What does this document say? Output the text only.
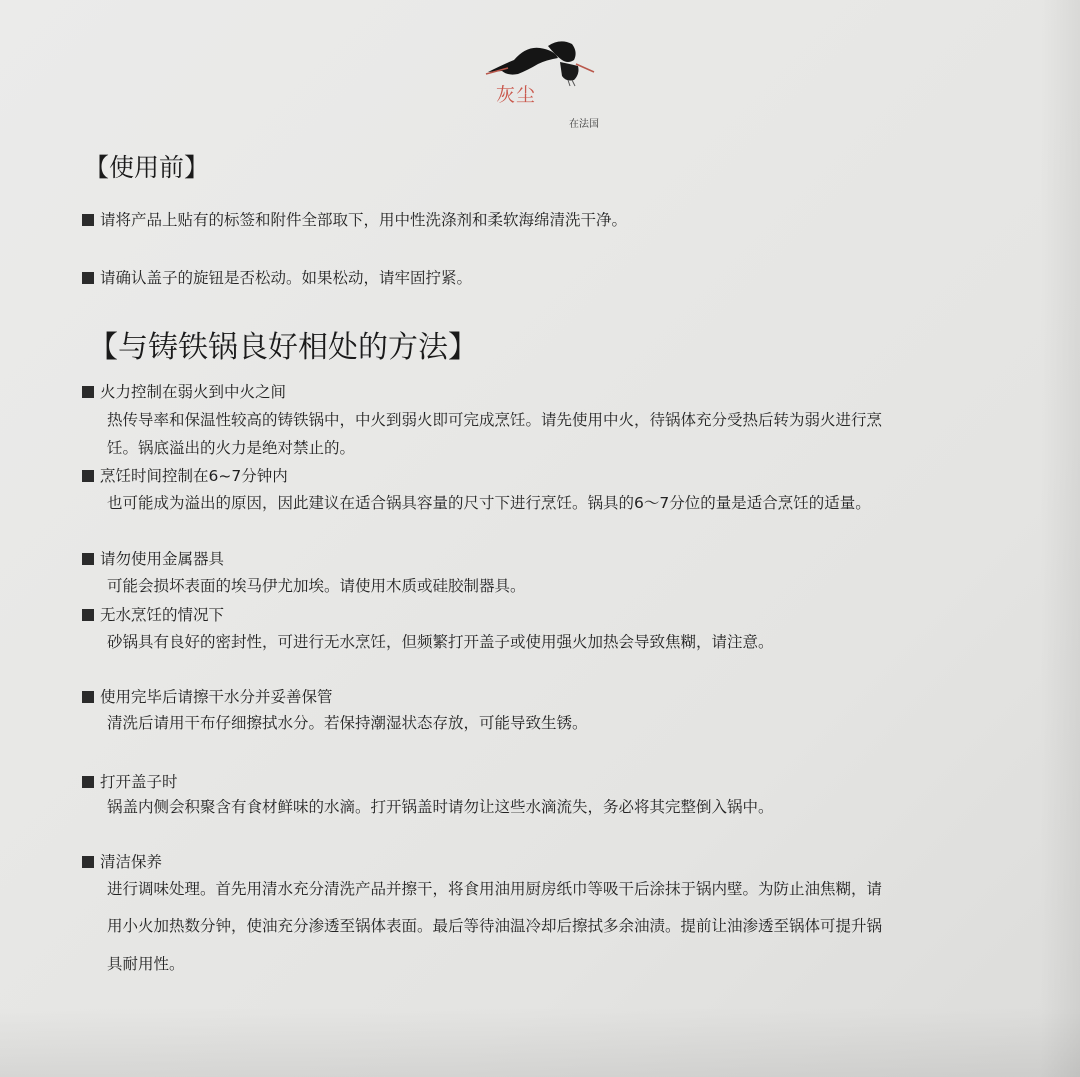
灰尘
在法国
【使用前】
请将产品上贴有的标签和附件全部取下，用中性洗涤剂和柔软海绵清洗干净。
请确认盖子的旋钮是否松动。如果松动，请牢固拧紧。
【与铸铁锅良好相处的方法】
火力控制在弱火到中火之间
热传导率和保温性较高的铸铁锅中，中火到弱火即可完成烹饪。请先使用中火，待锅体充分受热后转为弱火进行烹
饪。锅底溢出的火力是绝对禁止的。
烹饪时间控制在6~7分钟内
也可能成为溢出的原因，因此建议在适合锅具容量的尺寸下进行烹饪。锅具的6～7分位的量是适合烹饪的适量。
请勿使用金属器具
可能会损坏表面的埃马伊尤加埃。请使用木质或硅胶制器具。
无水烹饪的情况下
砂锅具有良好的密封性，可进行无水烹饪，但频繁打开盖子或使用强火加热会导致焦糊，请注意。
使用完毕后请擦干水分并妥善保管
清洗后请用干布仔细擦拭水分。若保持潮湿状态存放，可能导致生锈。
打开盖子时
锅盖内侧会积聚含有食材鲜味的水滴。打开锅盖时请勿让这些水滴流失，务必将其完整倒入锅中。
清洁保养
进行调味处理。首先用清水充分清洗产品并擦干，将食用油用厨房纸巾等吸干后涂抹于锅内壁。为防止油焦糊，请
用小火加热数分钟，使油充分渗透至锅体表面。最后等待油温冷却后擦拭多余油渍。提前让油渗透至锅体可提升锅
具耐用性。
